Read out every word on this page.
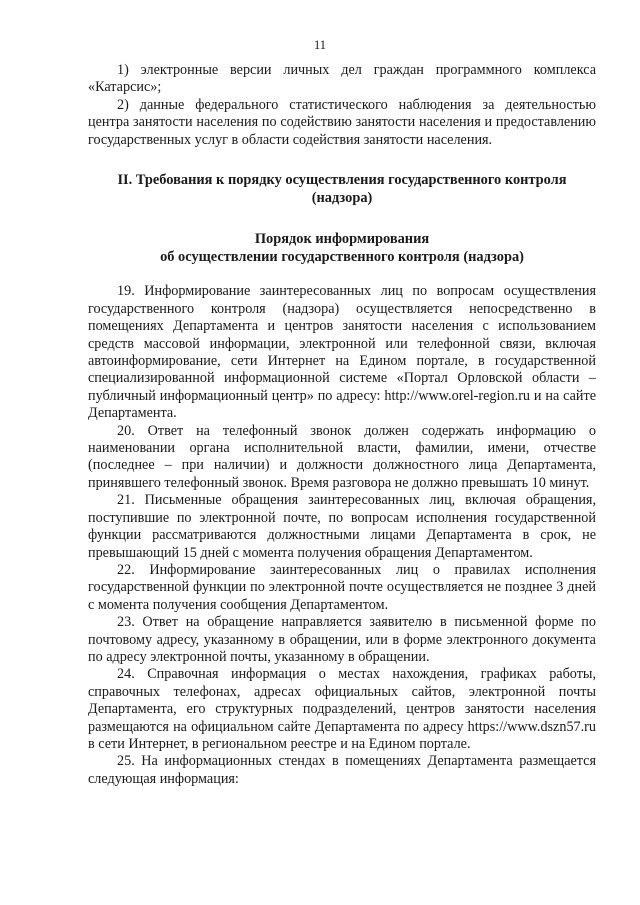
11

1) электронные версии личных дел граждан программного комплекса «Катарсис»;

2) данные федерального статистического наблюдения за деятельностью центра занятости населения по содействию занятости населения и предоставлению государственных услуг в области содействия занятости населения.

II. Требования к порядку осуществления государственного контроля (надзора)

Порядок информирования
об осуществлении государственного контроля (надзора)

19. Информирование заинтересованных лиц по вопросам осуществления государственного контроля (надзора) осуществляется непосредственно в помещениях Департамента и центров занятости населения с использованием средств массовой информации, электронной или телефонной связи, включая автоинформирование, сети Интернет на Едином портале, в государственной специализированной информационной системе «Портал Орловской области – публичный информационный центр» по адресу: http://www.orel-region.ru и на сайте Департамента.

20. Ответ на телефонный звонок должен содержать информацию о наименовании органа исполнительной власти, фамилии, имени, отчестве (последнее – при наличии) и должности должностного лица Департамента, принявшего телефонный звонок. Время разговора не должно превышать 10 минут.

21. Письменные обращения заинтересованных лиц, включая обращения, поступившие по электронной почте, по вопросам исполнения государственной функции рассматриваются должностными лицами Департамента в срок, не превышающий 15 дней с момента получения обращения Департаментом.

22. Информирование заинтересованных лиц о правилах исполнения государственной функции по электронной почте осуществляется не позднее 3 дней с момента получения сообщения Департаментом.

23. Ответ на обращение направляется заявителю в письменной форме по почтовому адресу, указанному в обращении, или в форме электронного документа по адресу электронной почты, указанному в обращении.

24. Справочная информация о местах нахождения, графиках работы, справочных телефонах, адресах официальных сайтов, электронной почты Департамента, его структурных подразделений, центров занятости населения размещаются на официальном сайте Департамента по адресу https://www.dszn57.ru в сети Интернет, в региональном реестре и на Едином портале.

25. На информационных стендах в помещениях Департамента размещается следующая информация:
